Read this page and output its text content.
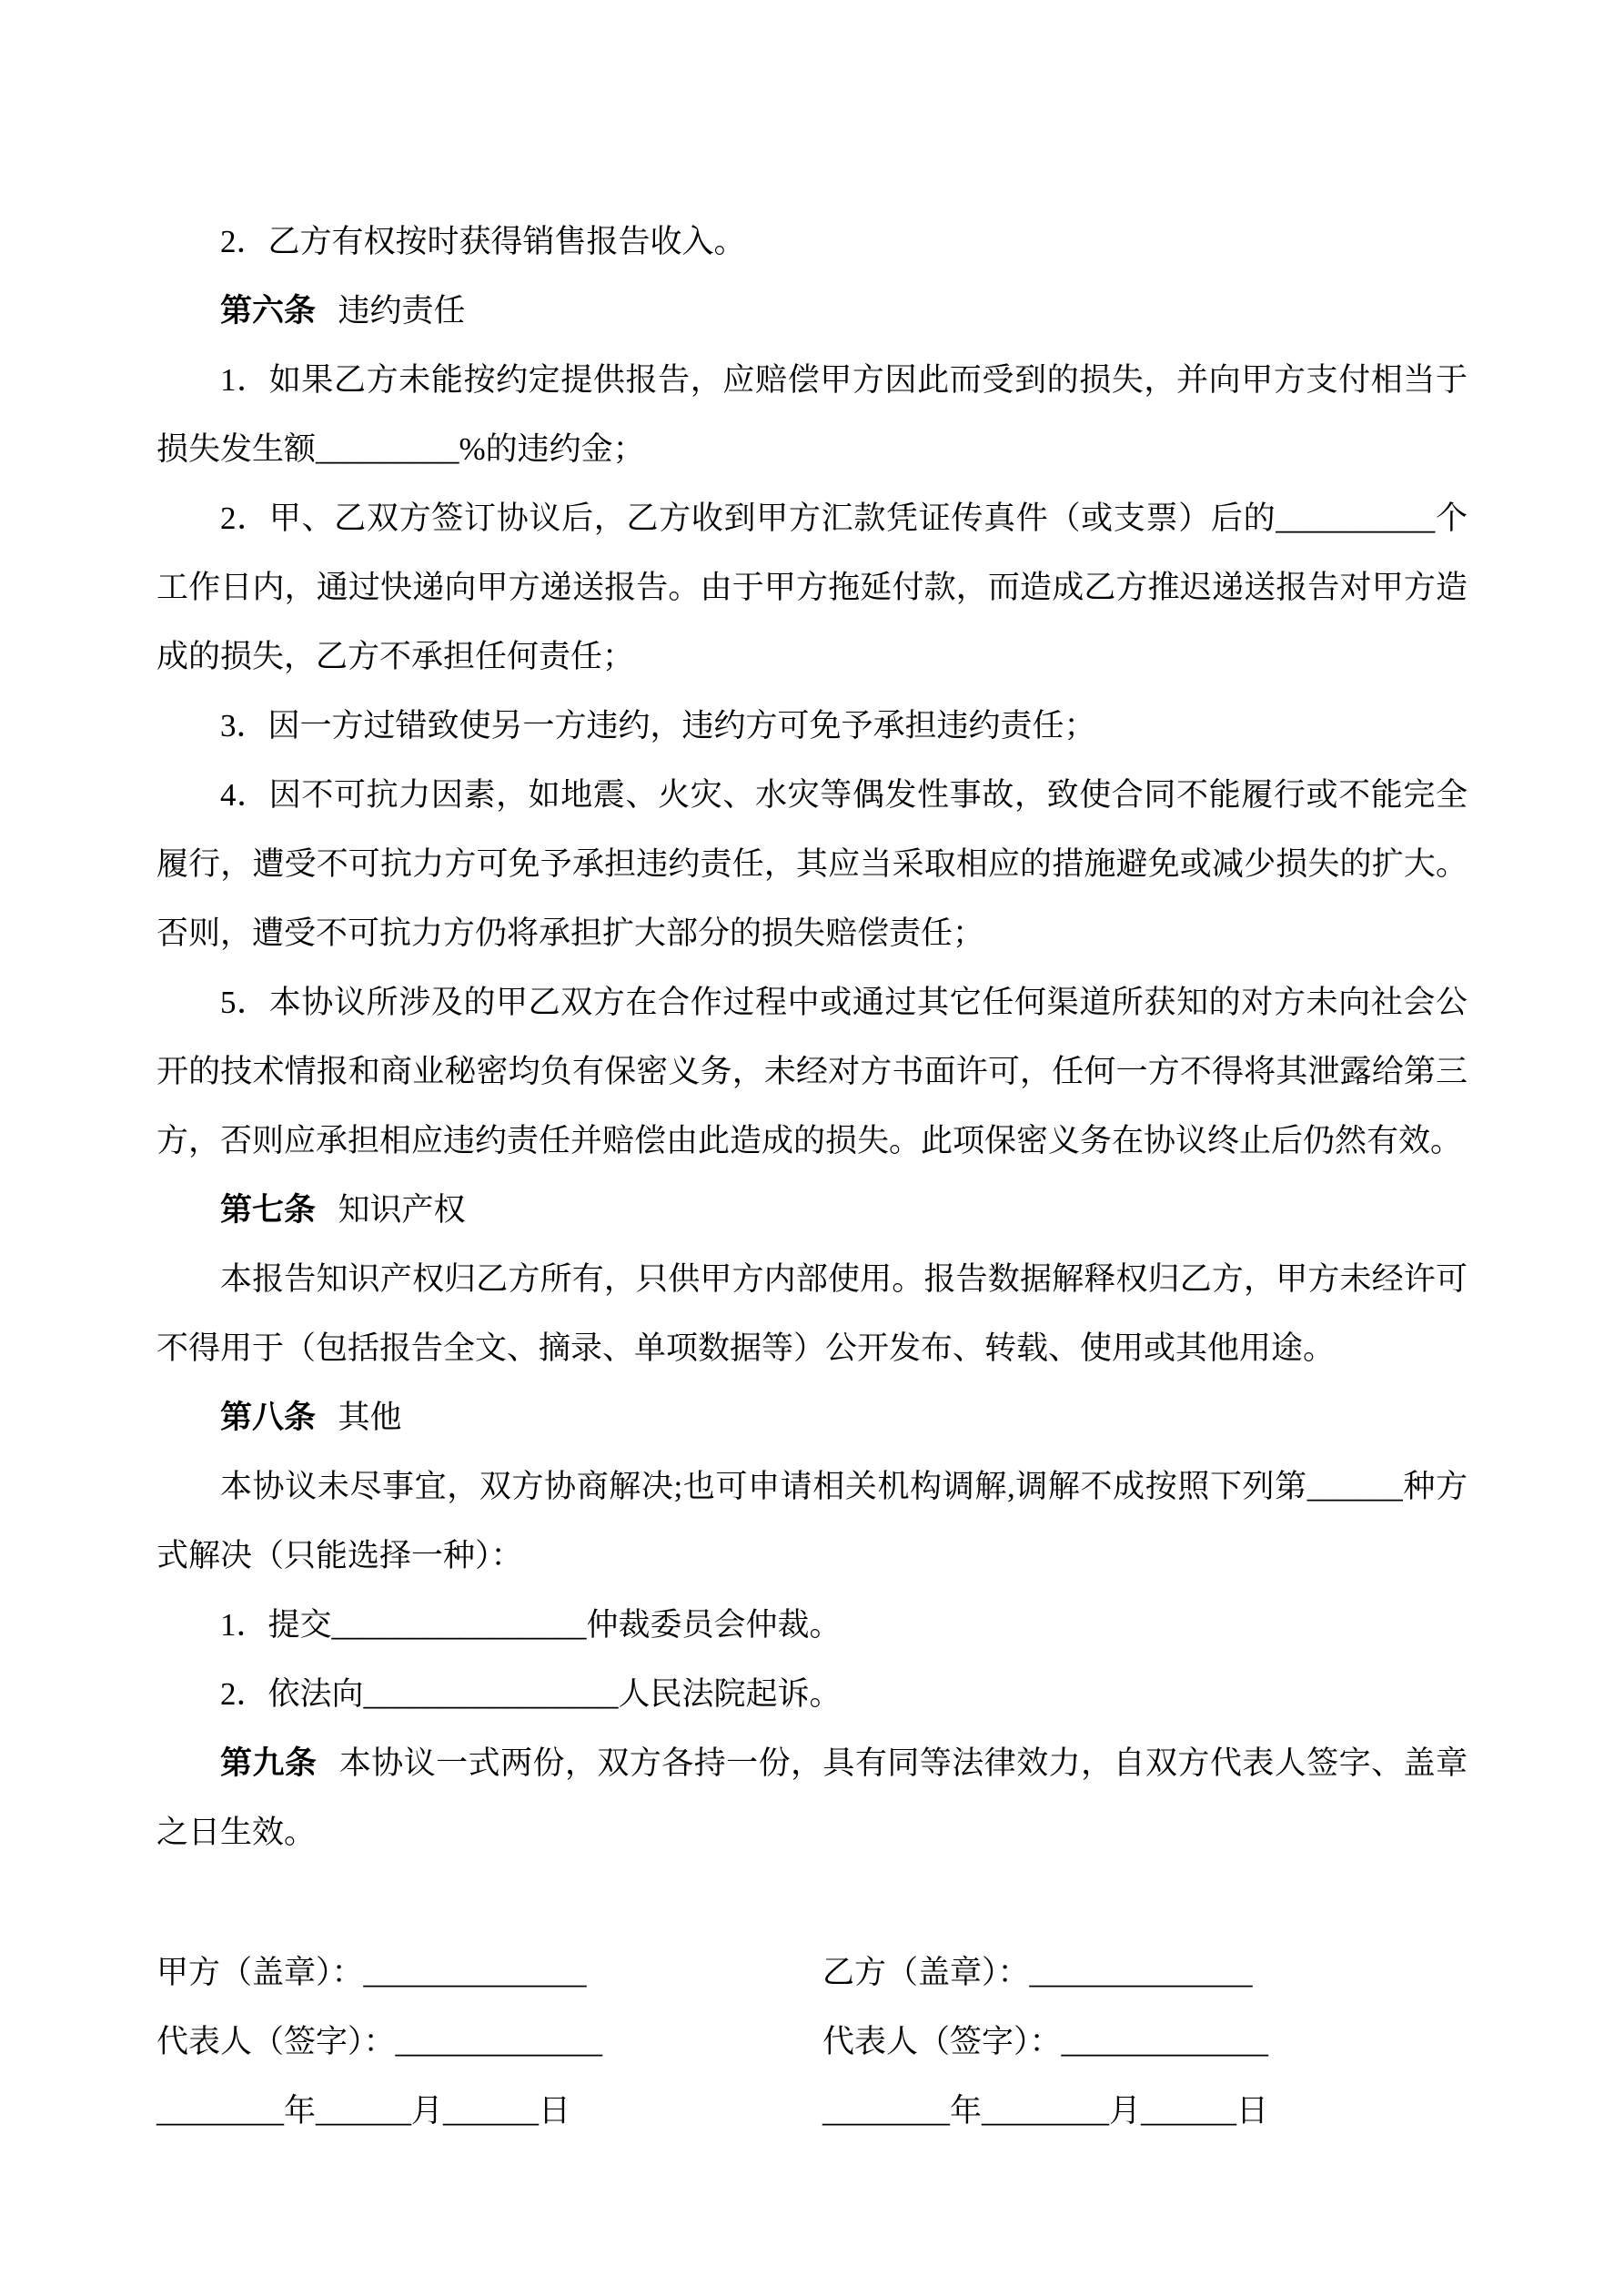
2．乙方有权按时获得销售报告收入。

第六条 违约责任

1．如果乙方未能按约定提供报告，应赔偿甲方因此而受到的损失，并向甲方支付相当于损失发生额_________%的违约金；

2．甲、乙双方签订协议后，乙方收到甲方汇款凭证传真件（或支票）后的__________个工作日内，通过快递向甲方递送报告。由于甲方拖延付款，而造成乙方推迟递送报告对甲方造成的损失，乙方不承担任何责任；

3．因一方过错致使另一方违约，违约方可免予承担违约责任；

4．因不可抗力因素，如地震、火灾、水灾等偶发性事故，致使合同不能履行或不能完全履行，遭受不可抗力方可免予承担违约责任，其应当采取相应的措施避免或减少损失的扩大。否则，遭受不可抗力方仍将承担扩大部分的损失赔偿责任；

5．本协议所涉及的甲乙双方在合作过程中或通过其它任何渠道所获知的对方未向社会公开的技术情报和商业秘密均负有保密义务，未经对方书面许可，任何一方不得将其泄露给第三方，否则应承担相应违约责任并赔偿由此造成的损失。此项保密义务在协议终止后仍然有效。

第七条 知识产权

本报告知识产权归乙方所有，只供甲方内部使用。报告数据解释权归乙方，甲方未经许可不得用于（包括报告全文、摘录、单项数据等）公开发布、转载、使用或其他用途。

第八条 其他

本协议未尽事宜，双方协商解决;也可申请相关机构调解,调解不成按照下列第______种方式解决（只能选择一种）：

1．提交________________仲裁委员会仲裁。

2．依法向________________人民法院起诉。

第九条 本协议一式两份，双方各持一份，具有同等法律效力，自双方代表人签字、盖章之日生效。

甲方（盖章）：______________

代表人（签字）：_____________

________年______月______日

乙方（盖章）：______________

代表人（签字）：_____________

________年________月______日
